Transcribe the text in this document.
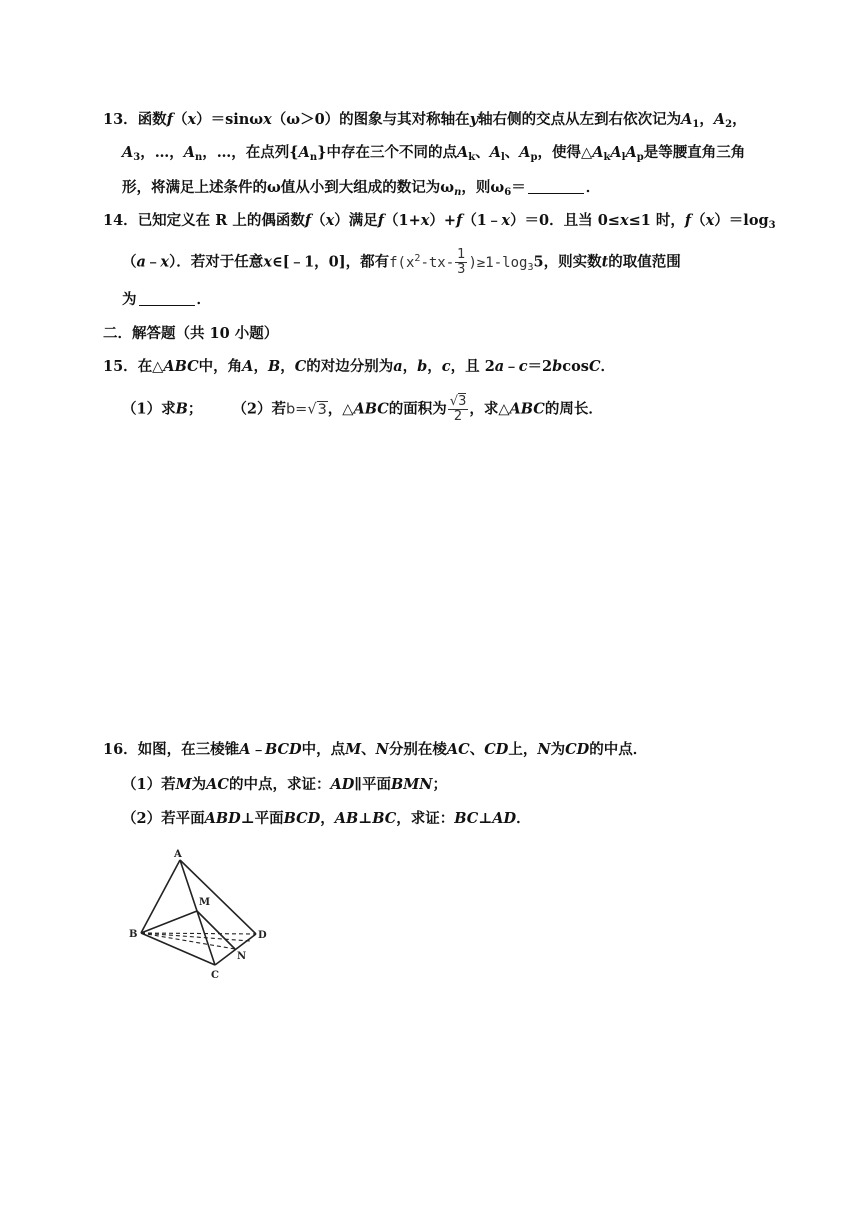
13．函数f（x）＝sinωx（ω＞0）的图象与其对称轴在y轴右侧的交点从左到右依次记为$A_1$，$A_2$，
$A_3$，…，$A_n$，…，在点列$\{A_n\}$中存在三个不同的点$A_k$、$A_l$、$A_p$，使得$\triangle A_kA_lA_p$是等腰直角三角
形，将满足上述条件的ω值从小到大组成的数记为$\omega_n$，则$\omega_6=$	．
14．已知定义在 R 上的偶函数f（x）满足f（1+x）+f（1﹣x）＝0．且当 0≤x≤1 时，$f(x)=\log_3$
（a﹣x）．若对于任意x∈[﹣1，0]，都有$f(x^2-tx- \frac{1}{3} )\ge 1-\log_35$，则实数t的取值范围
为	．
二．解答题（共 10 小题）
15．在△ABC中，角A，B，C的对边分别为a，b，c，且 2a﹣c＝2bcosC．
（1）求B； （2）若b=√3，△ABC的面积为 $\frac{√3}{2}$ ，求△ABC的周长．
16．如图，在三棱锥A﹣BCD中，点M、N分别在棱AC、CD上，N为CD的中点．
（1）若M为AC的中点，求证：AD∥平面BMN；
（2）若平面ABD⊥平面BCD，AB⊥BC，求证：BC⊥AD．
A
B
C
D
M
N
